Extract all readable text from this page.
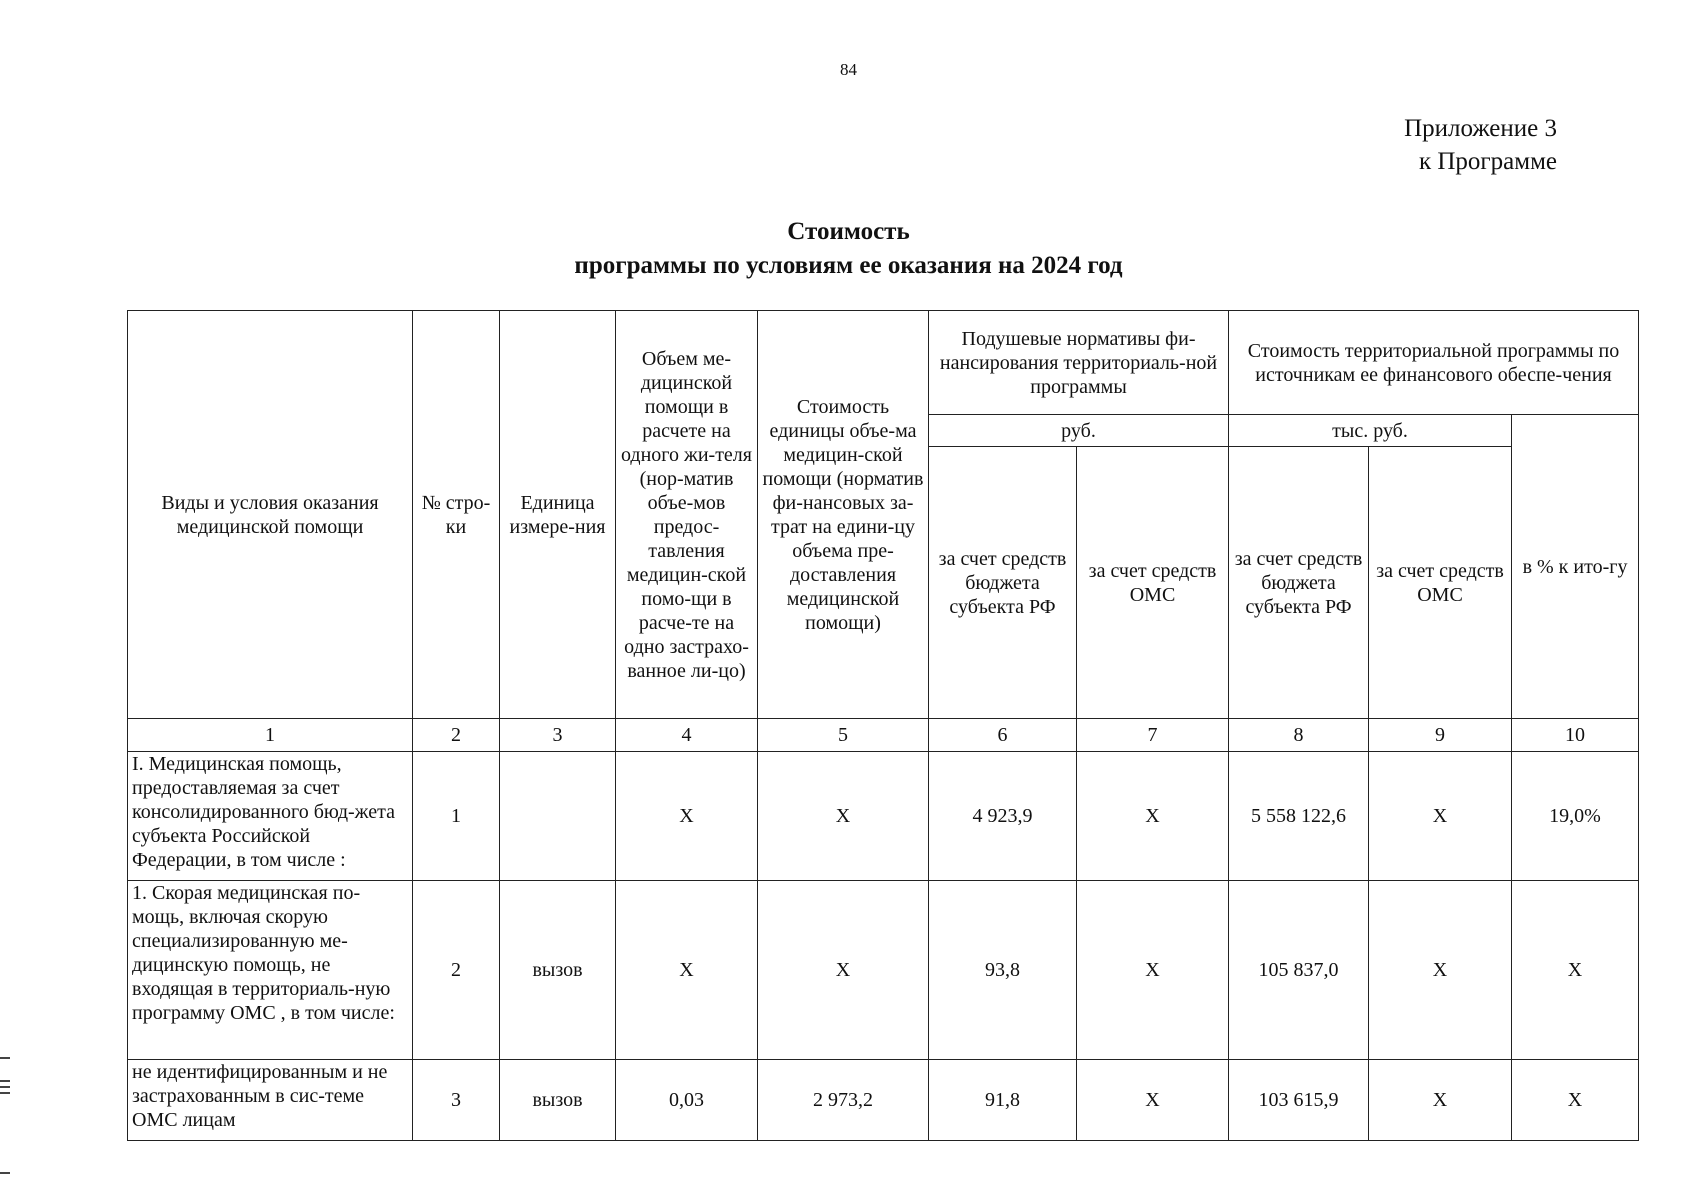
84
Приложение 3
к Программе
Стоимость
программы по условиям ее оказания на 2024 год
Виды и условия оказания медицинской помощи	№ стро-ки	Единица измере-ния	Объем ме-дицинской помощи в расчете на одного жи-теля (нор-матив объе-мов предос-тавления медицин-ской помо-щи в расче-те на одно застрахо-ванное ли-цо)	Стоимость единицы объе-ма медицин-ской помощи (норматив фи-нансовых за-трат на едини-цу объема пре-доставления медицинской помощи)	Подушевые нормативы фи-нансирования территориаль-ной программы		Стоимость территориальной программы по источникам ее финансового обеспе-чения		
					руб.		тыс. руб.		в % к ито-гу
					за счет средств бюджета субъекта РФ	за счет средств ОМС	за счет средств бюджета субъекта РФ	за счет средств ОМС	
1	2	3	4	5	6	7	8	9	10
I. Медицинская помощь, предоставляемая за счет консолидированного бюд-жета субъекта Российской Федерации, в том числе :	1		X	X	4 923,9	X	5 558 122,6	X	19,0%
1. Скорая медицинская по-мощь, включая скорую специализированную ме-дицинскую помощь, не входящая в территориаль-ную программу ОМС , в том числе:	2	вызов	X	X	93,8	X	105 837,0	X	X
не идентифицированным и не застрахованным в сис-теме ОМС лицам	3	вызов	0,03	2 973,2	91,8	X	103 615,9	X	X
